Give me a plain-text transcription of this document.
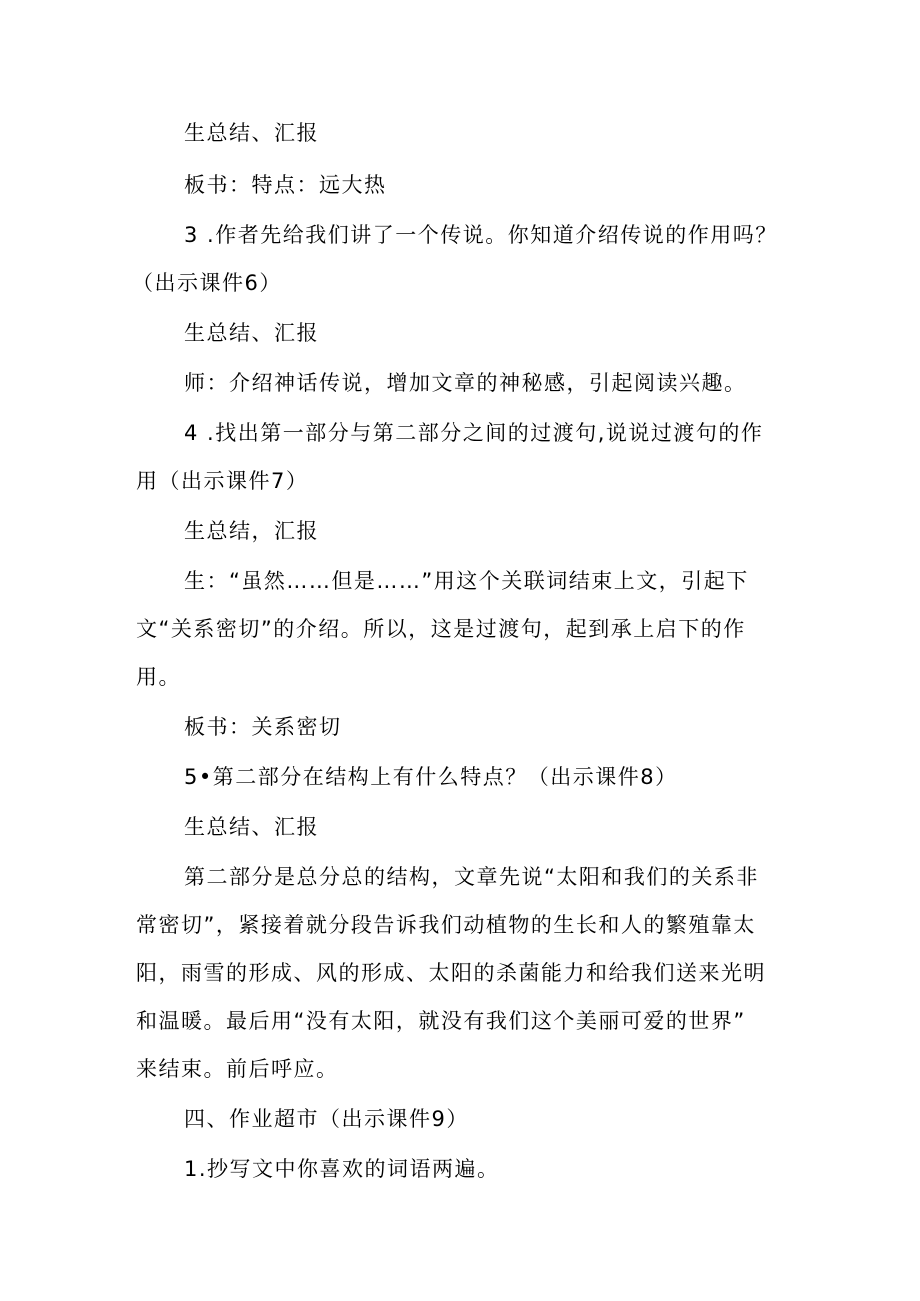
生总结、汇报

板书：特点：远大热

3 .作者先给我们讲了一个传说。你知道介绍传说的作用吗？
（出示课件6）

生总结、汇报

师：介绍神话传说，增加文章的神秘感，引起阅读兴趣。

4 .找出第一部分与第二部分之间的过渡句,说说过渡句的作
用（出示课件7）

生总结，汇报

生：“虽然……但是……”用这个关联词结束上文，引起下
文“关系密切”的介绍。所以，这是过渡句，起到承上启下的作
用。

板书：关系密切

5•第二部分在结构上有什么特点？（出示课件8）

生总结、汇报

第二部分是总分总的结构，文章先说“太阳和我们的关系非
常密切”，紧接着就分段告诉我们动植物的生长和人的繁殖靠太
阳，雨雪的形成、风的形成、太阳的杀菌能力和给我们送来光明
和温暖。最后用“没有太阳，就没有我们这个美丽可爱的世界”
来结束。前后呼应。

四、作业超市（出示课件9）

1.抄写文中你喜欢的词语两遍。
